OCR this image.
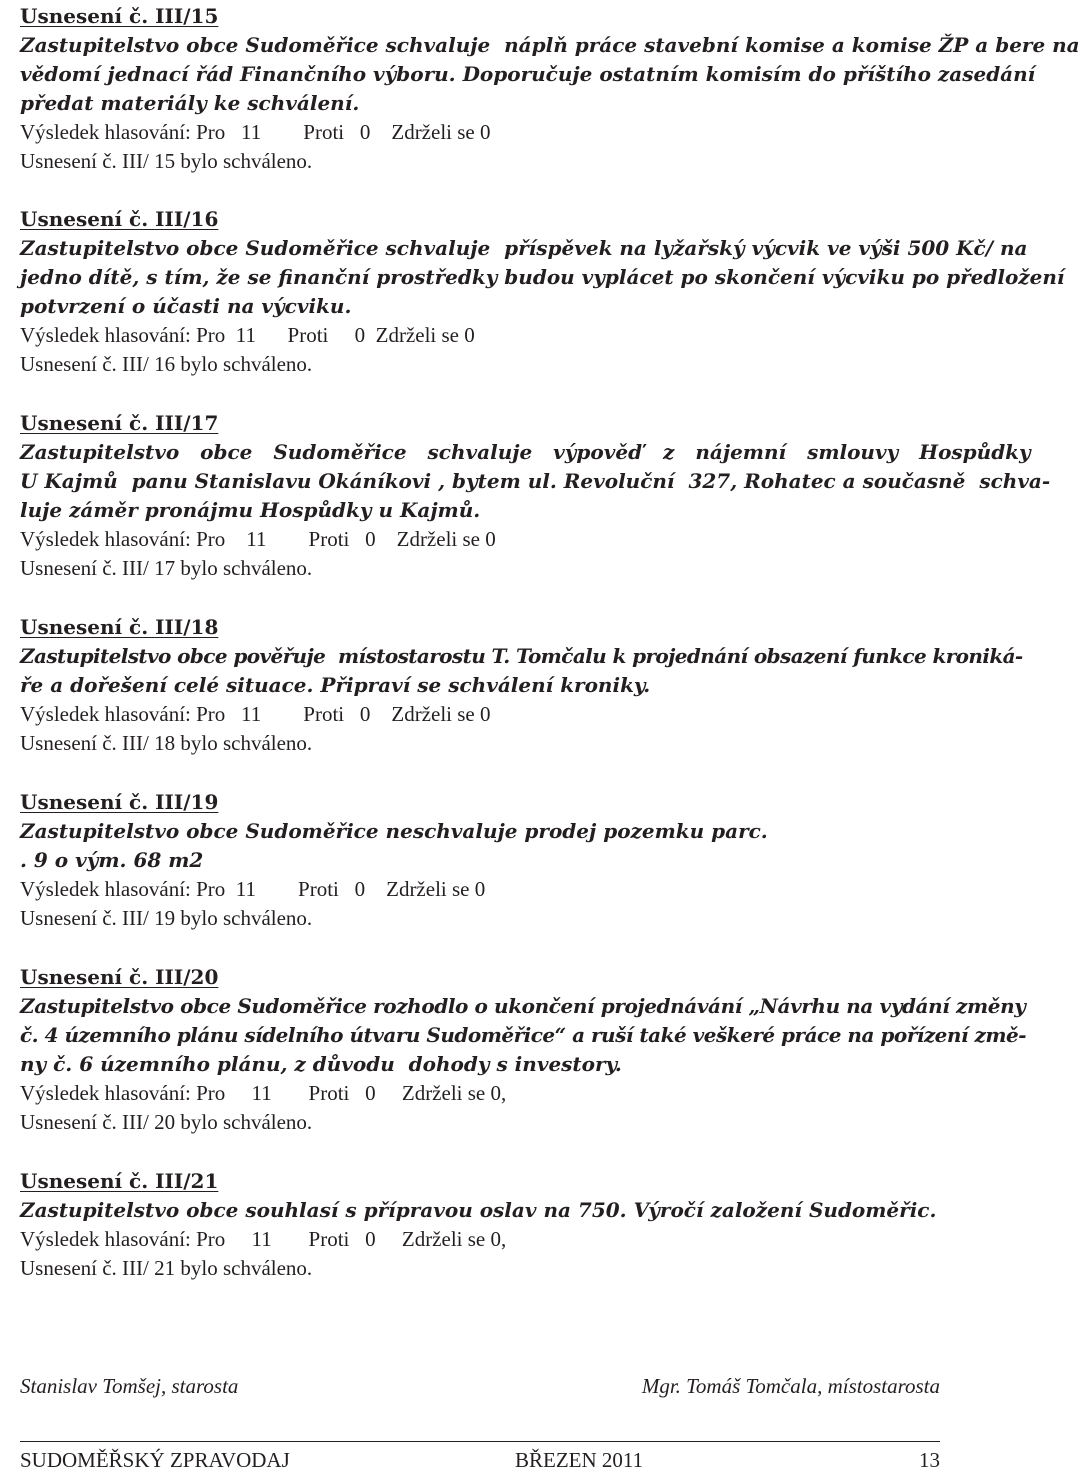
Usnesení č. III/15
Zastupitelstvo obce Sudoměřice schvaluje  náplň práce stavební komise a komise ŽP a bere na
vědomí jednací řád Finančního výboru. Doporučuje ostatním komisím do příštího zasedání
předat materiály ke schválení.
Výsledek hlasování: Pro   11        Proti   0    Zdrželi se 0
Usnesení č. III/ 15 bylo schváleno.
Usnesení č. III/16
Zastupitelstvo obce Sudoměřice schvaluje  příspěvek na lyžařský výcvik ve výši 500 Kč/ na
jedno dítě, s tím, že se finanční prostředky budou vyplácet po skončení výcviku po předložení
potvrzení o účasti na výcviku.
Výsledek hlasování: Pro  11      Proti     0  Zdrželi se 0
Usnesení č. III/ 16 bylo schváleno.
Usnesení č. III/17
Zastupitelstvo obce Sudoměřice schvaluje výpověď z nájemní smlouvy Hospůdky
U Kajmů  panu Stanislavu Okáníkovi , bytem ul. Revoluční  327, Rohatec a současně  schva-
luje záměr pronájmu Hospůdky u Kajmů.
Výsledek hlasování: Pro    11        Proti   0    Zdrželi se 0
Usnesení č. III/ 17 bylo schváleno.
Usnesení č. III/18
Zastupitelstvo obce pověřuje  místostarostu T. Tomčalu k projednání obsazení funkce kroniká-
ře a dořešení celé situace. Připraví se schválení kroniky.
Výsledek hlasování: Pro   11        Proti   0    Zdrželi se 0
Usnesení č. III/ 18 bylo schváleno.
Usnesení č. III/19
Zastupitelstvo obce Sudoměřice neschvaluje prodej pozemku parc.
. 9 o vým. 68 m2
Výsledek hlasování: Pro  11        Proti   0    Zdrželi se 0
Usnesení č. III/ 19 bylo schváleno.
Usnesení č. III/20
Zastupitelstvo obce Sudoměřice rozhodlo o ukončení projednávání „Návrhu na vydání změny
č. 4 územního plánu sídelního útvaru Sudoměřice“ a ruší také veškeré práce na pořízení změ-
ny č. 6 územního plánu, z důvodu  dohody s investory.
Výsledek hlasování: Pro     11       Proti   0     Zdrželi se 0,
Usnesení č. III/ 20 bylo schváleno.
Usnesení č. III/21
Zastupitelstvo obce souhlasí s přípravou oslav na 750. Výročí založení Sudoměřic.
Výsledek hlasování: Pro     11       Proti   0     Zdrželi se 0,
Usnesení č. III/ 21 bylo schváleno.
Stanislav Tomšej, starosta	Mgr. Tomáš Tomčala, místostarosta
SUDOMĚŘSKÝ ZPRAVODAJ	BŘEZEN 2011	13
